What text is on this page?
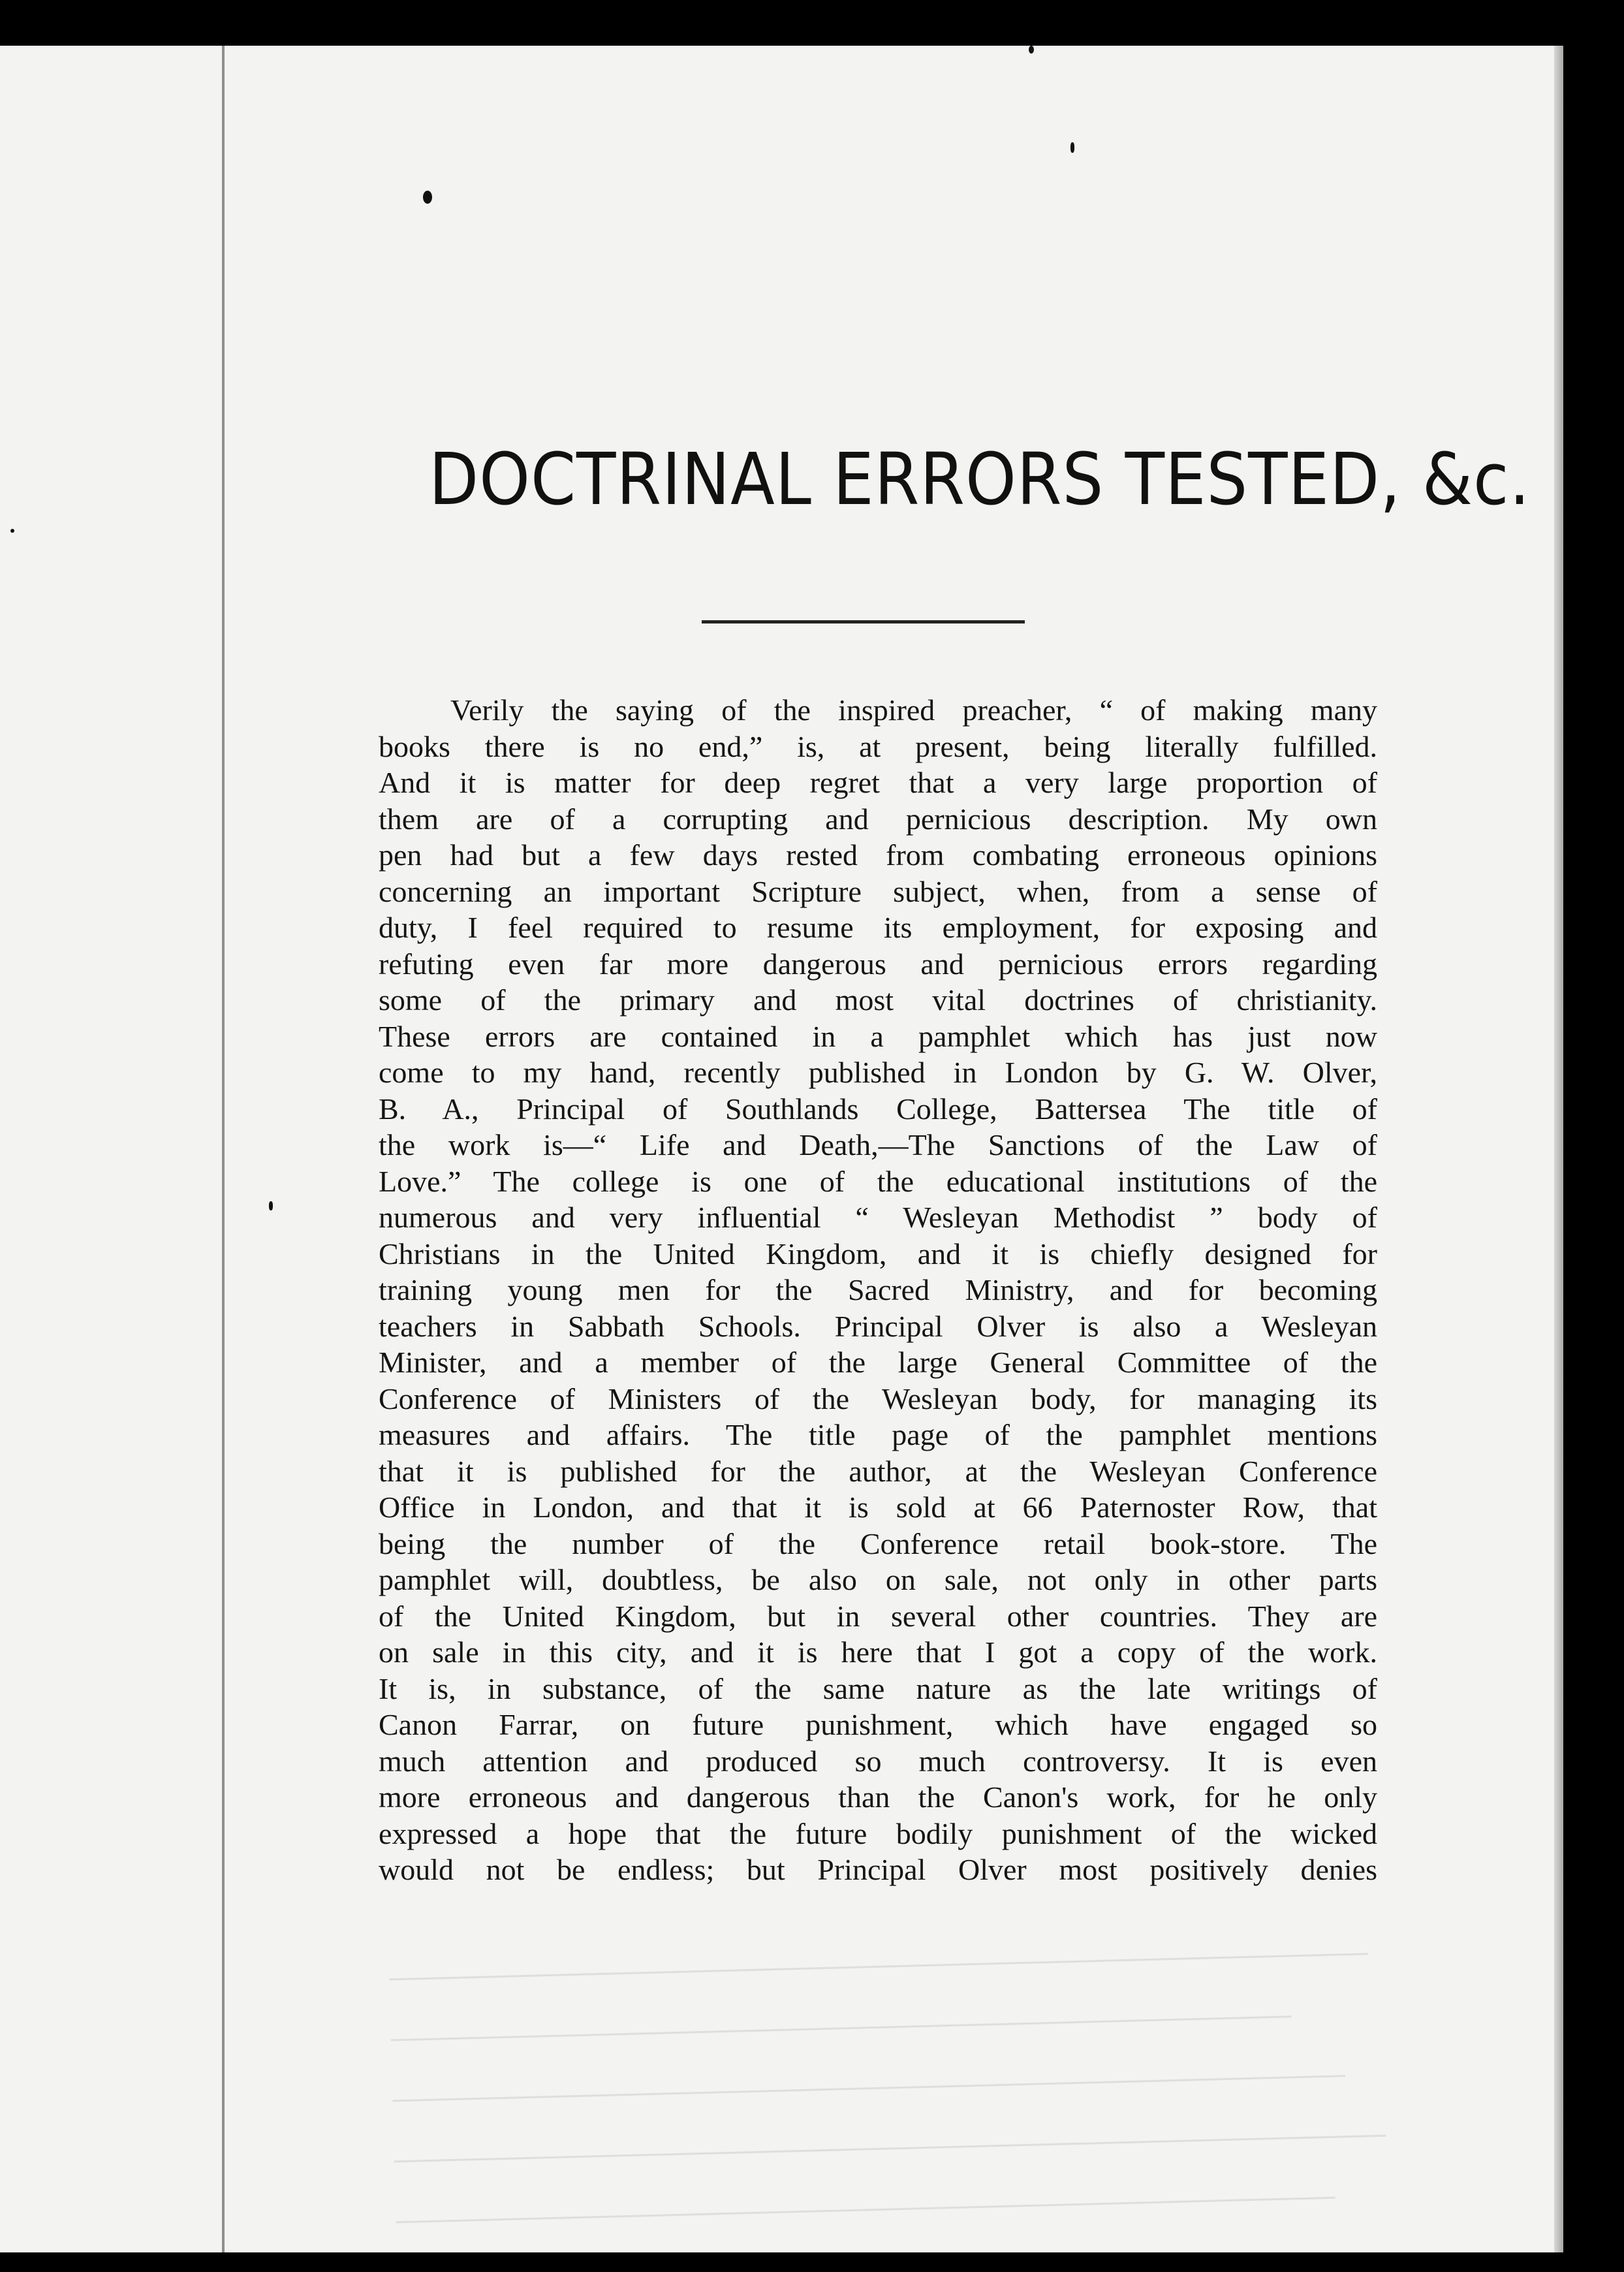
DOCTRINAL ERRORS TESTED, &c.
Verily the saying of the inspired preacher, “ of making many
books there is no end,” is, at present, being literally fulfilled.
And it is matter for deep regret that a very large proportion of
them are of a corrupting and pernicious description. My own
pen had but a few days rested from combating erroneous opinions
concerning an important Scripture subject, when, from a sense of
duty, I feel required to resume its employment, for exposing and
refuting even far more dangerous and pernicious errors regarding
some of the primary and most vital doctrines of christianity.
These errors are contained in a pamphlet which has just now
come to my hand, recently published in London by G. W. Olver,
B. A., Principal of Southlands College, Battersea The title of
the work is—“ Life and Death,—The Sanctions of the Law of
Love.” The college is one of the educational institutions of the
numerous and very influential “ Wesleyan Methodist ” body of
Christians in the United Kingdom, and it is chiefly designed for
training young men for the Sacred Ministry, and for becoming
teachers in Sabbath Schools. Principal Olver is also a Wesleyan
Minister, and a member of the large General Committee of the
Conference of Ministers of the Wesleyan body, for managing its
measures and affairs. The title page of the pamphlet mentions
that it is published for the author, at the Wesleyan Conference
Office in London, and that it is sold at 66 Paternoster Row, that
being the number of the Conference retail book-store. The
pamphlet will, doubtless, be also on sale, not only in other parts
of the United Kingdom, but in several other countries. They are
on sale in this city, and it is here that I got a copy of the work.
It is, in substance, of the same nature as the late writings of
Canon Farrar, on future punishment, which have engaged so
much attention and produced so much controversy. It is even
more erroneous and dangerous than the Canon's work, for he only
expressed a hope that the future bodily punishment of the wicked
would not be endless; but Principal Olver most positively denies
